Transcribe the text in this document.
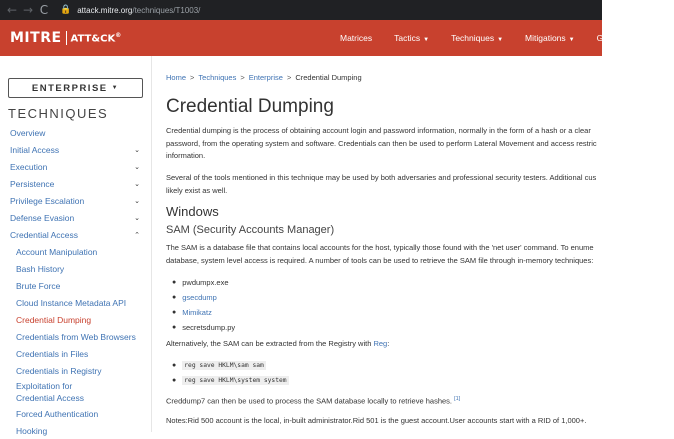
← → C	🔒 attack.mitre.org/techniques/T1003/
MITRE ATT&CK®	Matrices	Tactics ▼	Techniques ▼	Mitigations ▼	Groups	S
ENTERPRISE ▼
TECHNIQUES
Overview
Initial Access	⌄
Execution	⌄
Persistence	⌄
Privilege Escalation	⌄
Defense Evasion	⌄
Credential Access	⌃
Account Manipulation
Bash History
Brute Force
Cloud Instance Metadata API
Credential Dumping
Credentials from Web Browsers
Credentials in Files
Credentials in Registry
Exploitation for Credential Access
Forced Authentication
Hooking
Home > Techniques > Enterprise > Credential Dumping
Credential Dumping
Credential dumping is the process of obtaining account login and password information, normally in the form of a hash or a clear
password, from the operating system and software. Credentials can then be used to perform Lateral Movement and access restric
information.
Several of the tools mentioned in this technique may be used by both adversaries and professional security testers. Additional cus
likely exist as well.
Windows
SAM (Security Accounts Manager)
The SAM is a database file that contains local accounts for the host, typically those found with the 'net user' command. To enume
database, system level access is required. A number of tools can be used to retrieve the SAM file through in-memory techniques:
● pwdumpx.exe
● gsecdump
● Mimikatz
● secretsdump.py
Alternatively, the SAM can be extracted from the Registry with Reg:
●	reg save HKLM\sam sam
●	reg save HKLM\system system
Creddump7 can then be used to process the SAM database locally to retrieve hashes. [1]
Notes:Rid 500 account is the local, in-built administrator.Rid 501 is the guest account.User accounts start with a RID of 1,000+.
